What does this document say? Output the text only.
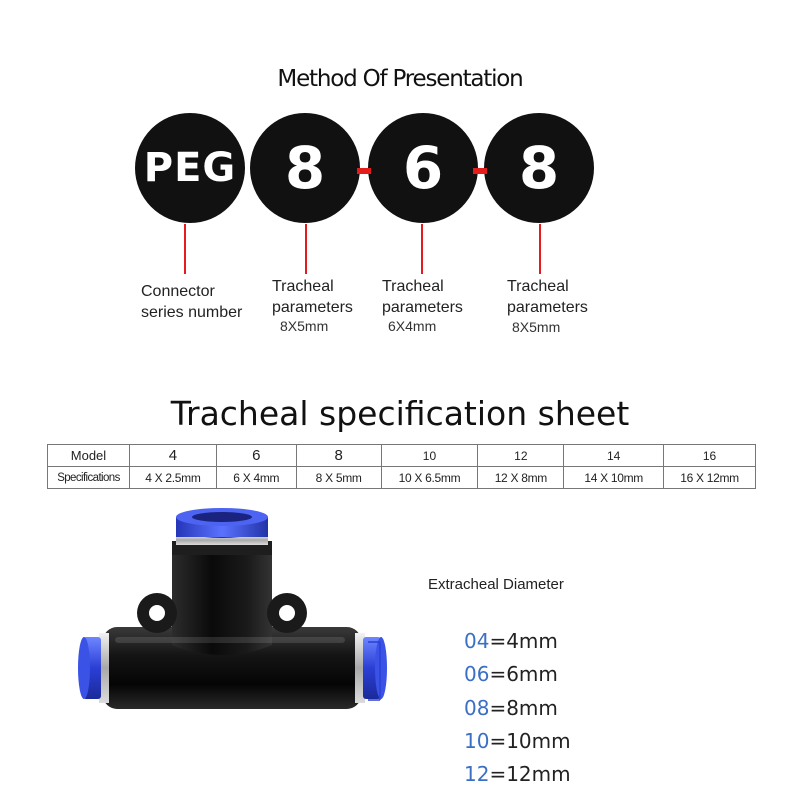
Method Of Presentation
PEG 8	6	8
Connector
series number
Tracheal
parameters
8X5mm
Tracheal
parameters
6X4mm
Tracheal
parameters
8X5mm
Tracheal specification sheet
Model	4	6	8	10	12	14	16
Specifications	4 X 2.5mm	6 X 4mm	8 X 5mm	10 X 6.5mm	12 X 8mm	14 X 10mm	16 X 12mm
Extracheal Diameter
04=4mm
06=6mm
08=8mm
10=10mm
12=12mm
